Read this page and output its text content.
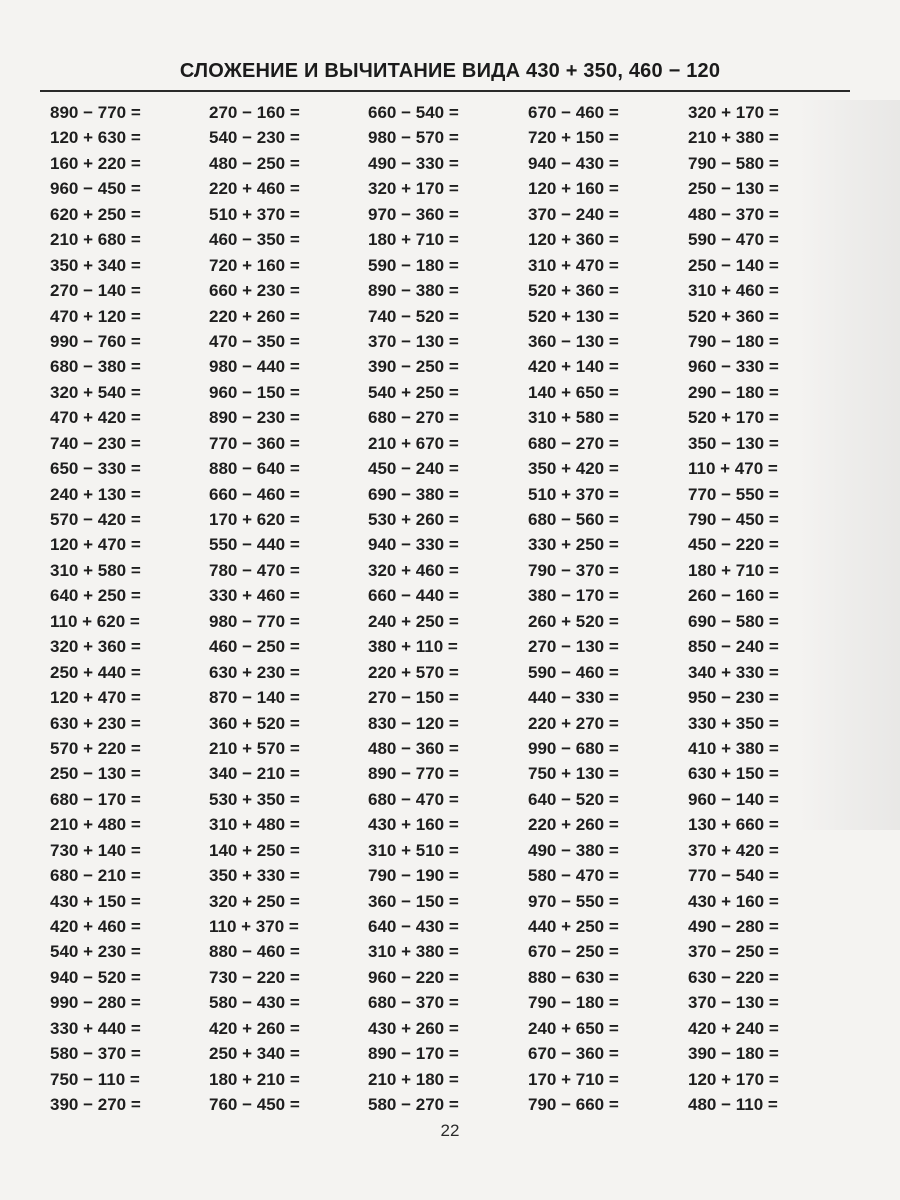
СЛОЖЕНИЕ И ВЫЧИТАНИЕ ВИДА 430 + 350, 460 − 120
890 − 770 =
120 + 630 =
160 + 220 =
960 − 450 =
620 + 250 =
210 + 680 =
350 + 340 =
270 − 140 =
470 + 120 =
990 − 760 =
680 − 380 =
320 + 540 =
470 + 420 =
740 − 230 =
650 − 330 =
240 + 130 =
570 − 420 =
120 + 470 =
310 + 580 =
640 + 250 =
110 + 620 =
320 + 360 =
250 + 440 =
120 + 470 =
630 + 230 =
570 + 220 =
250 − 130 =
680 − 170 =
210 + 480 =
730 + 140 =
680 − 210 =
430 + 150 =
420 + 460 =
540 + 230 =
940 − 520 =
990 − 280 =
330 + 440 =
580 − 370 =
750 − 110 =
390 − 270 =
270 − 160 =
540 − 230 =
480 − 250 =
220 + 460 =
510 + 370 =
460 − 350 =
720 + 160 =
660 + 230 =
220 + 260 =
470 − 350 =
980 − 440 =
960 − 150 =
890 − 230 =
770 − 360 =
880 − 640 =
660 − 460 =
170 + 620 =
550 − 440 =
780 − 470 =
330 + 460 =
980 − 770 =
460 − 250 =
630 + 230 =
870 − 140 =
360 + 520 =
210 + 570 =
340 − 210 =
530 + 350 =
310 + 480 =
140 + 250 =
350 + 330 =
320 + 250 =
110 + 370 =
880 − 460 =
730 − 220 =
580 − 430 =
420 + 260 =
250 + 340 =
180 + 210 =
760 − 450 =
660 − 540 =
980 − 570 =
490 − 330 =
320 + 170 =
970 − 360 =
180 + 710 =
590 − 180 =
890 − 380 =
740 − 520 =
370 − 130 =
390 − 250 =
540 + 250 =
680 − 270 =
210 + 670 =
450 − 240 =
690 − 380 =
530 + 260 =
940 − 330 =
320 + 460 =
660 − 440 =
240 + 250 =
380 + 110 =
220 + 570 =
270 − 150 =
830 − 120 =
480 − 360 =
890 − 770 =
680 − 470 =
430 + 160 =
310 + 510 =
790 − 190 =
360 − 150 =
640 − 430 =
310 + 380 =
960 − 220 =
680 − 370 =
430 + 260 =
890 − 170 =
210 + 180 =
580 − 270 =
670 − 460 =
720 + 150 =
940 − 430 =
120 + 160 =
370 − 240 =
120 + 360 =
310 + 470 =
520 + 360 =
520 + 130 =
360 − 130 =
420 + 140 =
140 + 650 =
310 + 580 =
680 − 270 =
350 + 420 =
510 + 370 =
680 − 560 =
330 + 250 =
790 − 370 =
380 − 170 =
260 + 520 =
270 − 130 =
590 − 460 =
440 − 330 =
220 + 270 =
990 − 680 =
750 + 130 =
640 − 520 =
220 + 260 =
490 − 380 =
580 − 470 =
970 − 550 =
440 + 250 =
670 − 250 =
880 − 630 =
790 − 180 =
240 + 650 =
670 − 360 =
170 + 710 =
790 − 660 =
320 + 170 =
210 + 380 =
790 − 580 =
250 − 130 =
480 − 370 =
590 − 470 =
250 − 140 =
310 + 460 =
520 + 360 =
790 − 180 =
960 − 330 =
290 − 180 =
520 + 170 =
350 − 130 =
110 + 470 =
770 − 550 =
790 − 450 =
450 − 220 =
180 + 710 =
260 − 160 =
690 − 580 =
850 − 240 =
340 + 330 =
950 − 230 =
330 + 350 =
410 + 380 =
630 + 150 =
960 − 140 =
130 + 660 =
370 + 420 =
770 − 540 =
430 + 160 =
490 − 280 =
370 − 250 =
630 − 220 =
370 − 130 =
420 + 240 =
390 − 180 =
120 + 170 =
480 − 110 =
22
